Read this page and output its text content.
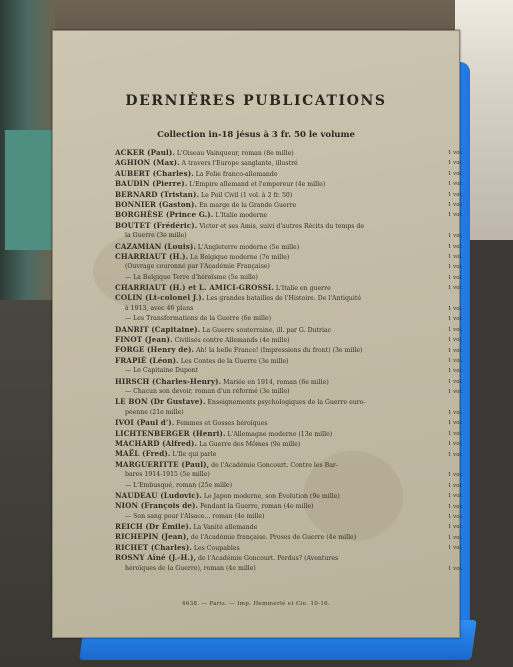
DERNIÈRES PUBLICATIONS
Collection in-18 jésus à 3 fr. 50 le volume
ACKER (Paul). L'Oiseau Vainqueur, roman (8e mille)
AGHION (Max). A travers l'Europe sanglante, illustré
AUBERT (Charles). La Folie franco-allemande
BAUDIN (Pierre). L'Empire allemand et l'empereur (4e mille)
BERNARD (Tristan). Le Poil Civil (1 vol. à 2 fr. 50)
BONNIER (Gaston). En marge de la Grande Guerre
BORGHÈSE (Prince G.). L'Italie moderne
BOUTET (Frédéric). Victor et ses Amis, suivi d'autres Récits du temps de
la Guerre (3e mille)
CAZAMIAN (Louis). L'Angleterre moderne (5e mille)
CHARRIAUT (H.). La Belgique moderne (7e mille)
(Ouvrage couronné par l'Académie Française)
— La Belgique Terre d'héroïsme (5e mille)
CHARRIAUT (H.) et L. AMICI-GROSSI. L'Italie en guerre
COLIN (Lt-colonel J.). Les grandes batailles de l'Histoire. De l'Antiquité
à 1913, avec 46 plans
— Les Transformations de la Guerre (6e mille)
DANRIT (Capitaine). La Guerre souterraine, ill. par G. Dutriac
FINOT (Jean). Civilisés contre Allemands (4e mille)
FORGE (Henry de). Ah! la belle France! (Impressions du front) (3e mille)
FRAPIÉ (Léon). Les Contes de la Guerre (3e mille)
— Le Capitaine Dupont
HIRSCH (Charles-Henry). Mariée en 1914, roman (6e mille)
— Chacun son devoir, roman d'un réformé (3e mille)
LE BON (Dr Gustave). Enseignements psychologiques de la Guerre euro-
péenne (21e mille)
IVOI (Paul d'). Femmes et Gosses héroïques
LICHTENBERGER (Henri). L'Allemagne moderne (13e mille)
MACHARD (Alfred). La Guerre des Mômes (9e mille)
MAËL (Fred). L'Ile qui parle
MARGUERITTE (Paul), de l'Académie Goncourt. Contre les Bar-
bares 1914-1915 (5e mille)
— L'Embusqué, roman (25e mille)
NAUDEAU (Ludovic). Le Japon moderne, son Évolution (9e mille)
NION (François de). Pendant la Guerre, roman (4e mille)
— Son sang pour l'Alsace... roman (4e mille)
REICH (Dr Émile). La Vanité allemande
RICHEPIN (Jean), de l'Académie française. Proses de Guerre (4e mille)
RICHET (Charles). Les Coupables
ROSNY Aîné (J.-H.), de l'Académie Goncourt. Perdus? (Aventures
héroïques de la Guerre), roman (4e mille)
1 vol.
1 vol.
1 vol.
1 vol.
1 vol.
1 vol.
1 vol.
1 vol.
1 vol.
1 vol.
1 vol.
1 vol.
1 vol.
1 vol.
1 vol.
1 vol.
1 vol.
1 vol.
1 vol.
1 vol.
1 vol.
1 vol.
1 vol.
1 vol.
1 vol.
1 vol.
1 vol.
1 vol.
1 vol.
1 vol.
1 vol.
1 vol.
1 vol.
1 vol.
1 vol.
1 vol.
4638. — Paris. — Imp. Hemmerlé et Cie. 10-16.
